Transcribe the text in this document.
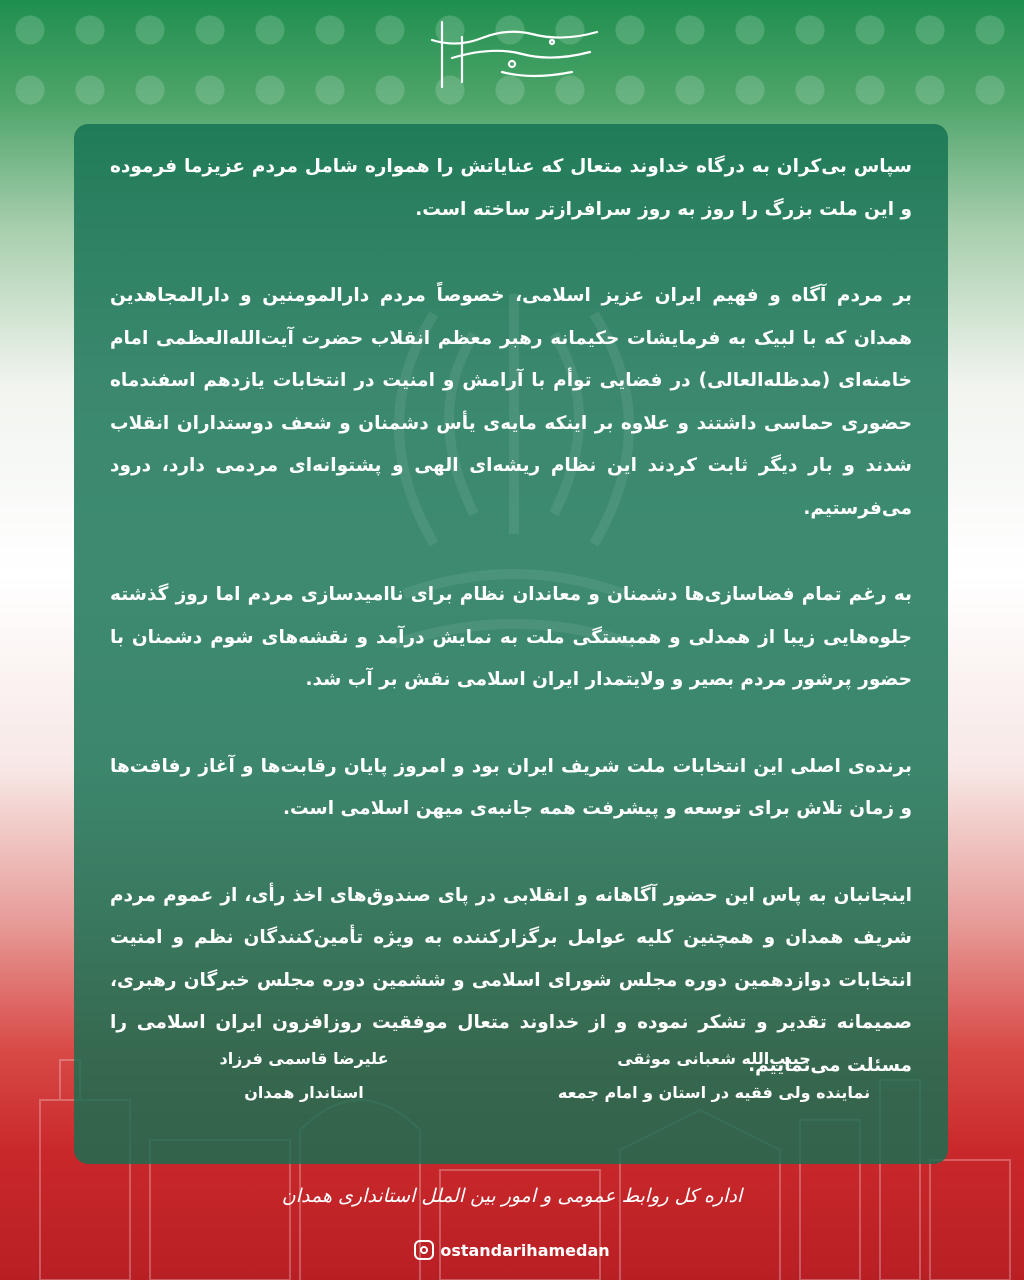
سپاس بی‌کران به درگاه خداوند متعال که عنایاتش را همواره شامل مردم عزیزما فرموده و این ملت بزرگ را روز به روز سرافرازتر ساخته است.

بر مردم آگاه و فهیم ایران عزیز اسلامی، خصوصاً مردم دارالمومنین و دارالمجاهدین همدان که با لبیک به فرمایشات حکیمانه رهبر معظم انقلاب حضرت آیت‌الله‌العظمی امام خامنه‌ای (مدظله‌العالی) در فضایی توأم با آرامش و امنیت در انتخابات یازدهم اسفندماه حضوری حماسی داشتند و علاوه بر اینکه مایه‌ی یأس دشمنان و شعف دوستداران انقلاب شدند و بار دیگر ثابت کردند این نظام ریشه‌ای الهی و پشتوانه‌ای مردمی دارد، درود می‌فرستیم.

به رغم تمام فضاسازی‌ها دشمنان و معاندان نظام برای ناامیدسازی مردم اما روز گذشته جلوه‌هایی زیبا از همدلی و همبستگی ملت به نمایش درآمد و نقشه‌های شوم دشمنان با حضور پرشور مردم بصیر و ولایتمدار ایران اسلامی نقش بر آب شد.

برنده‌ی اصلی این انتخابات ملت شریف ایران بود و امروز پایان رقابت‌ها و آغاز رفاقت‌ها و زمان تلاش برای توسعه و پیشرفت همه جانبه‌ی میهن اسلامی است.

اینجانبان به پاس این حضور آگاهانه و انقلابی در پای صندوق‌های اخذ رأی، از عموم مردم شریف همدان و همچنین کلیه عوامل برگزارکننده به ویژه تأمین‌کنندگان نظم و امنیت انتخابات دوازدهمین دوره مجلس شورای اسلامی و ششمین دوره مجلس خبرگان رهبری، صمیمانه تقدیر و تشکر نموده و از خداوند متعال موفقیت روزافزون ایران اسلامی را مسئلت می‌نماییم.

حبیب‌الله شعبانی موثقی
نماینده ولی فقیه در استان و امام جمعه
علیرضا قاسمی فرزاد
استاندار همدان
اداره کل روابط عمومی و امور بین الملل استانداری همدان
ostandarihamedan
